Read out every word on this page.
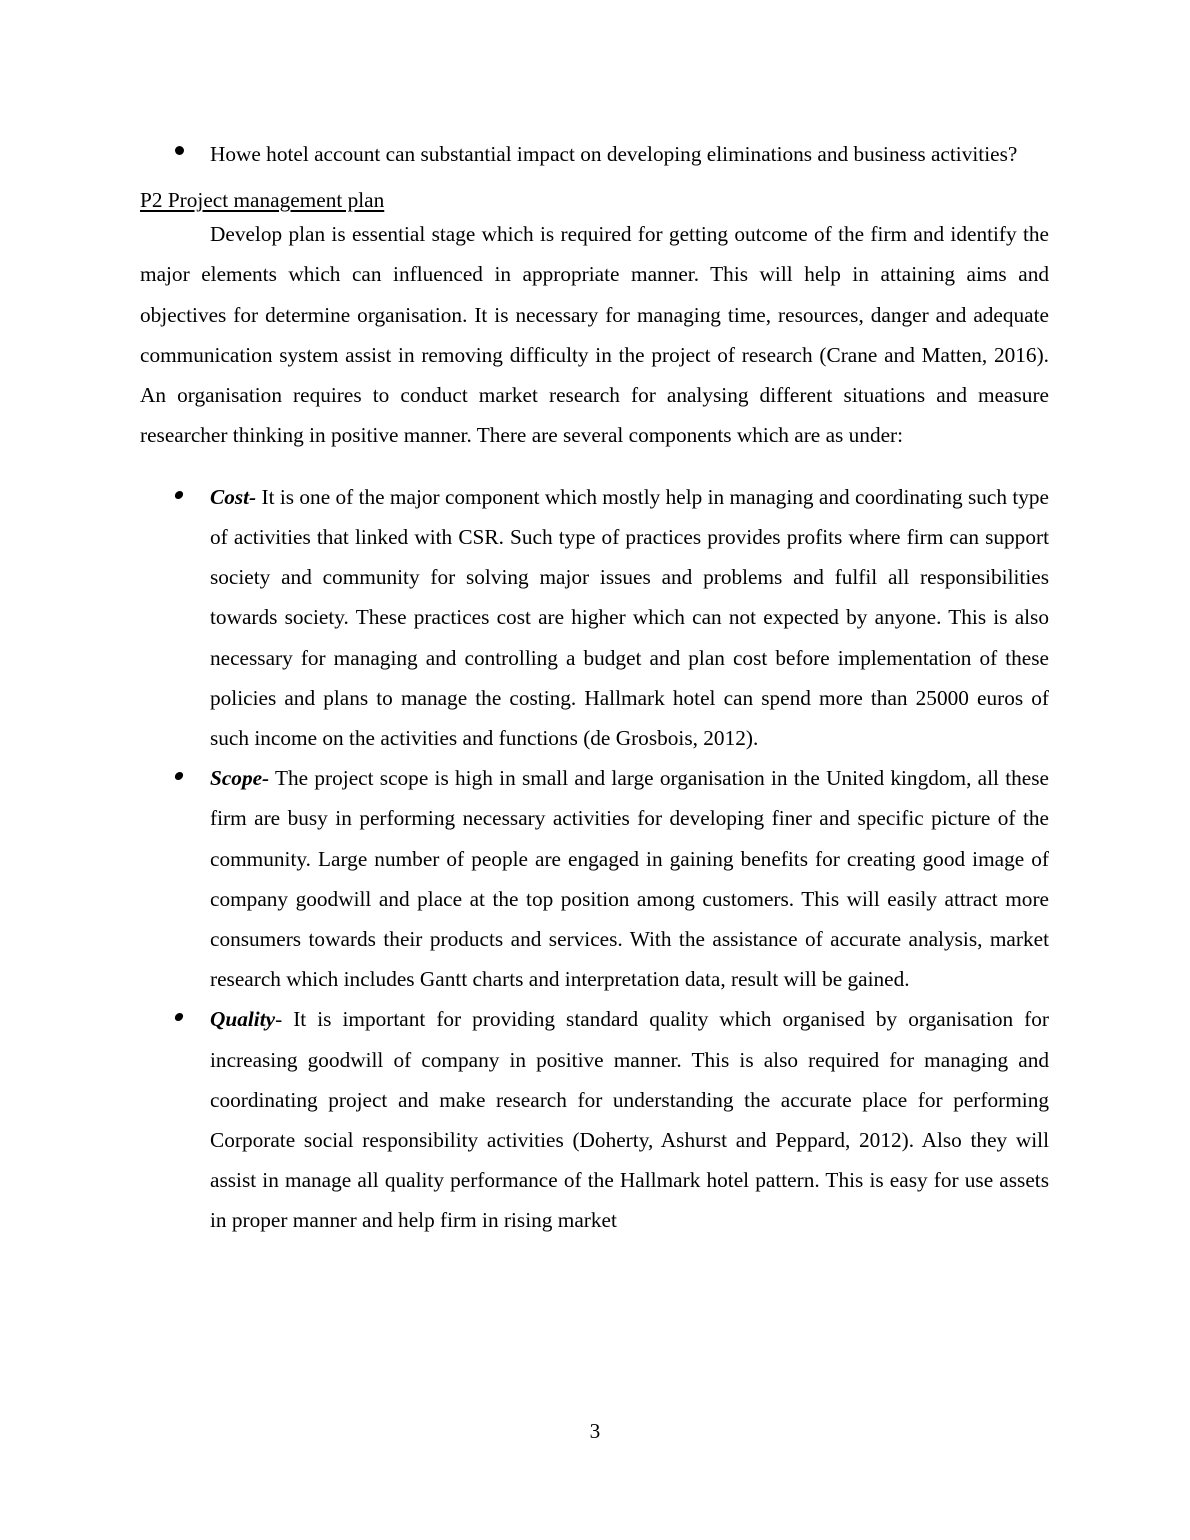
Howe hotel account can substantial impact on developing eliminations and business activities?
P2 Project management plan

Develop plan is essential stage which is required for getting outcome of the firm and identify the major elements which can influenced in appropriate manner. This will help in attaining aims and objectives for determine organisation. It is necessary for managing time, resources, danger and adequate communication system assist in removing difficulty in the project of research (Crane and Matten, 2016). An organisation requires to conduct market research for analysing different situations and measure researcher thinking in positive manner. There are several components which are as under:

Cost- It is one of the major component which mostly help in managing and coordinating such type of activities that linked with CSR. Such type of practices provides profits where firm can support society and community for solving major issues and problems and fulfil all responsibilities towards society. These practices cost are higher which can not expected by anyone. This is also necessary for managing and controlling a budget and plan cost before implementation of these policies and plans to manage the costing. Hallmark hotel can spend more than 25000 euros of such income on the activities and functions (de Grosbois, 2012).
Scope- The project scope is high in small and large organisation in the United kingdom, all these firm are busy in performing necessary activities for developing finer and specific picture of the community. Large number of people are engaged in gaining benefits for creating good image of company goodwill and place at the top position among customers. This will easily attract more consumers towards their products and services. With the assistance of accurate analysis, market research which includes Gantt charts and interpretation data, result will be gained.
Quality- It is important for providing standard quality which organised by organisation for increasing goodwill of company in positive manner. This is also required for managing and coordinating project and make research for understanding the accurate place for performing Corporate social responsibility activities (Doherty, Ashurst and Peppard, 2012). Also they will assist in manage all quality performance of the Hallmark hotel pattern. This is easy for use assets in proper manner and help firm in rising market
3
